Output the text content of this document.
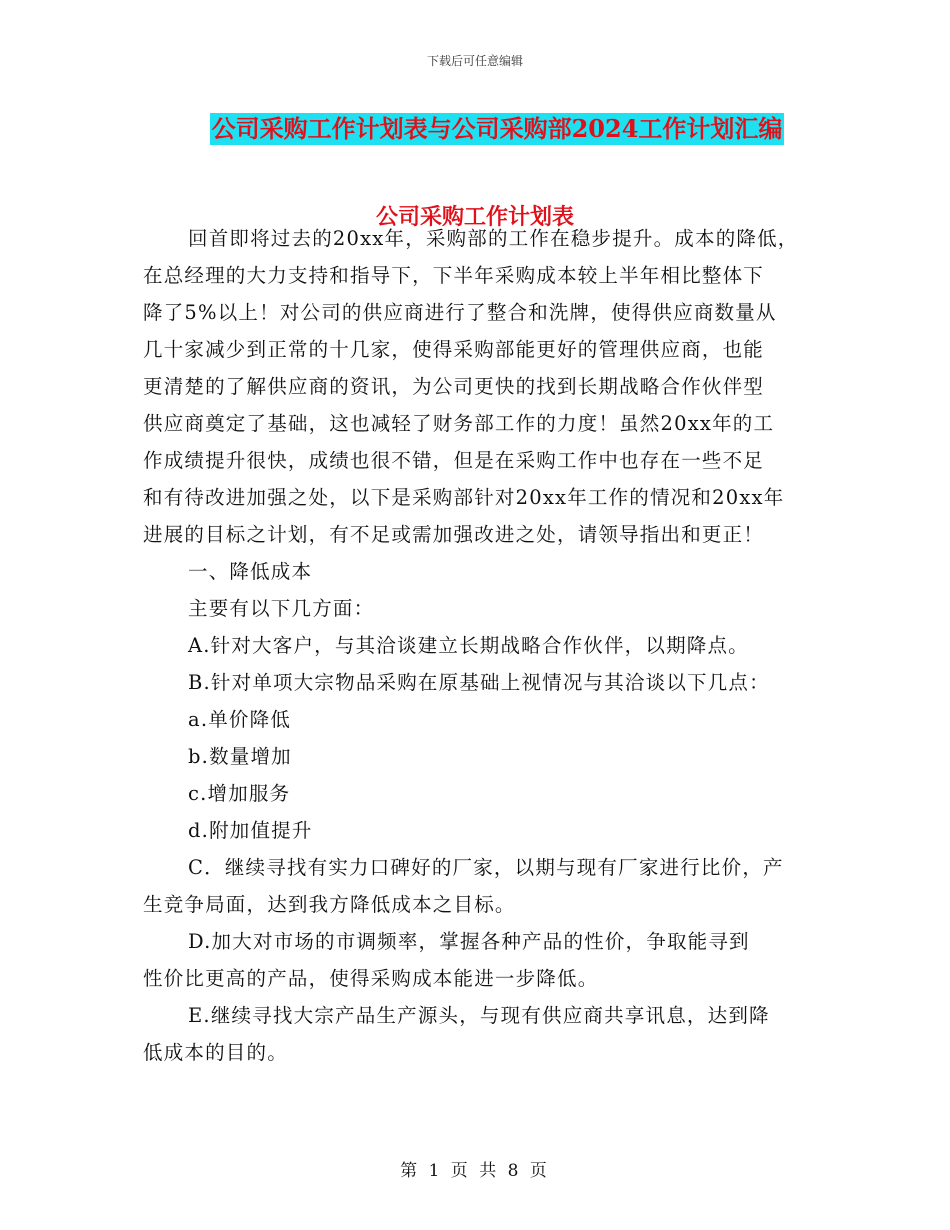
下载后可任意编辑
公司采购工作计划表与公司采购部2024工作计划汇编
公司采购工作计划表

回首即将过去的20xx年，采购部的工作在稳步提升。成本的降低，

在总经理的大力支持和指导下，下半年采购成本较上半年相比整体下

降了5%以上！对公司的供应商进行了整合和洗牌，使得供应商数量从

几十家减少到正常的十几家，使得采购部能更好的管理供应商，也能

更清楚的了解供应商的资讯，为公司更快的找到长期战略合作伙伴型

供应商奠定了基础，这也减轻了财务部工作的力度！虽然20xx年的工

作成绩提升很快，成绩也很不错，但是在采购工作中也存在一些不足

和有待改进加强之处，以下是采购部针对20xx年工作的情况和20xx年

进展的目标之计划，有不足或需加强改进之处，请领导指出和更正！

一、降低成本

主要有以下几方面：

A.针对大客户，与其洽谈建立长期战略合作伙伴，以期降点。

B.针对单项大宗物品采购在原基础上视情况与其洽谈以下几点：

a.单价降低

b.数量增加

c.增加服务

d.附加值提升

C．继续寻找有实力口碑好的厂家，以期与现有厂家进行比价，产

生竞争局面，达到我方降低成本之目标。

D.加大对市场的市调频率，掌握各种产品的性价，争取能寻到

性价比更高的产品，使得采购成本能进一步降低。

E.继续寻找大宗产品生产源头，与现有供应商共享讯息，达到降

低成本的目的。

第 1 页 共 8 页
